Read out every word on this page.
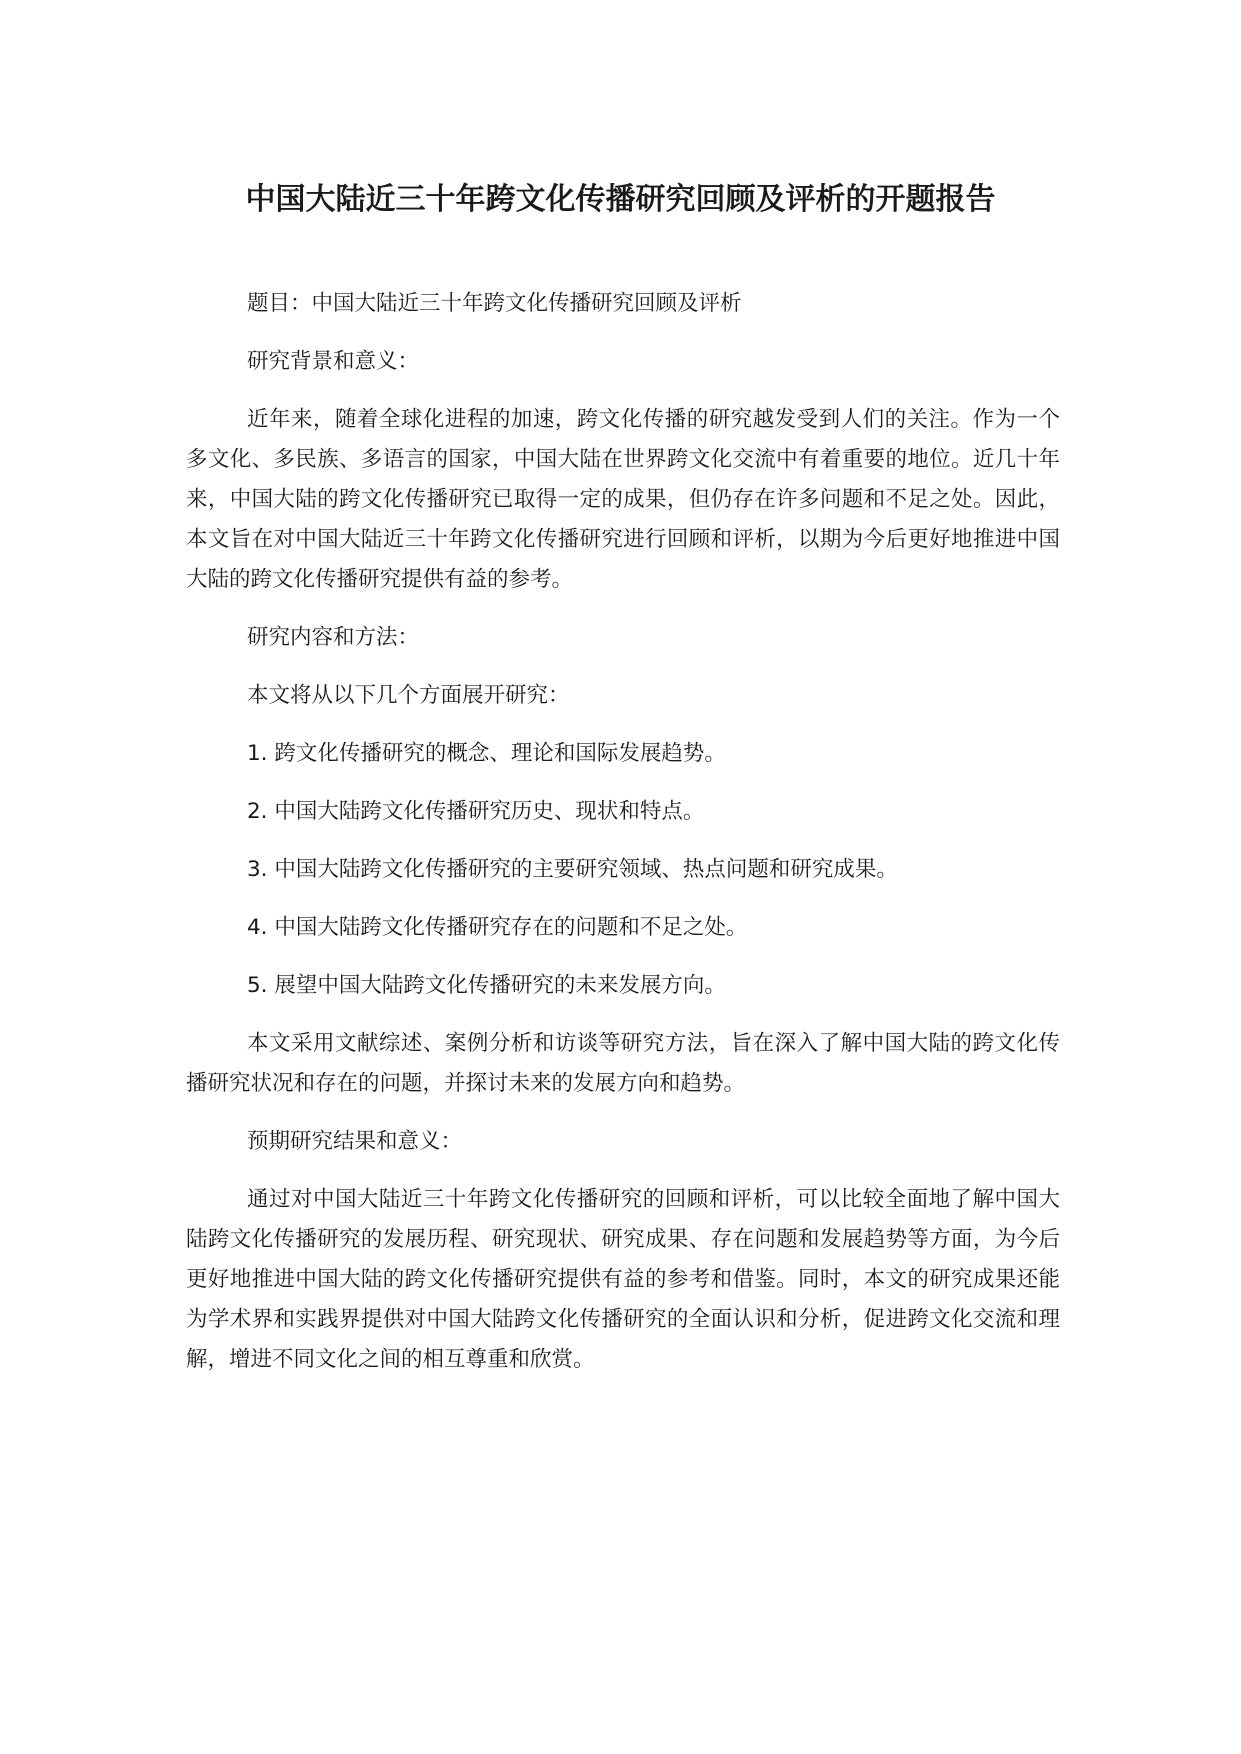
中国大陆近三十年跨文化传播研究回顾及评析的开题报告

题目：中国大陆近三十年跨文化传播研究回顾及评析

研究背景和意义：

近年来，随着全球化进程的加速，跨文化传播的研究越发受到人们的关注。作为一个多文化、多民族、多语言的国家，中国大陆在世界跨文化交流中有着重要的地位。近几十年来，中国大陆的跨文化传播研究已取得一定的成果，但仍存在许多问题和不足之处。因此，本文旨在对中国大陆近三十年跨文化传播研究进行回顾和评析，以期为今后更好地推进中国大陆的跨文化传播研究提供有益的参考。

研究内容和方法：

本文将从以下几个方面展开研究：

1. 跨文化传播研究的概念、理论和国际发展趋势。

2. 中国大陆跨文化传播研究历史、现状和特点。

3. 中国大陆跨文化传播研究的主要研究领域、热点问题和研究成果。

4. 中国大陆跨文化传播研究存在的问题和不足之处。

5. 展望中国大陆跨文化传播研究的未来发展方向。

本文采用文献综述、案例分析和访谈等研究方法，旨在深入了解中国大陆的跨文化传播研究状况和存在的问题，并探讨未来的发展方向和趋势。

预期研究结果和意义：

通过对中国大陆近三十年跨文化传播研究的回顾和评析，可以比较全面地了解中国大陆跨文化传播研究的发展历程、研究现状、研究成果、存在问题和发展趋势等方面，为今后更好地推进中国大陆的跨文化传播研究提供有益的参考和借鉴。同时，本文的研究成果还能为学术界和实践界提供对中国大陆跨文化传播研究的全面认识和分析，促进跨文化交流和理解，增进不同文化之间的相互尊重和欣赏。
